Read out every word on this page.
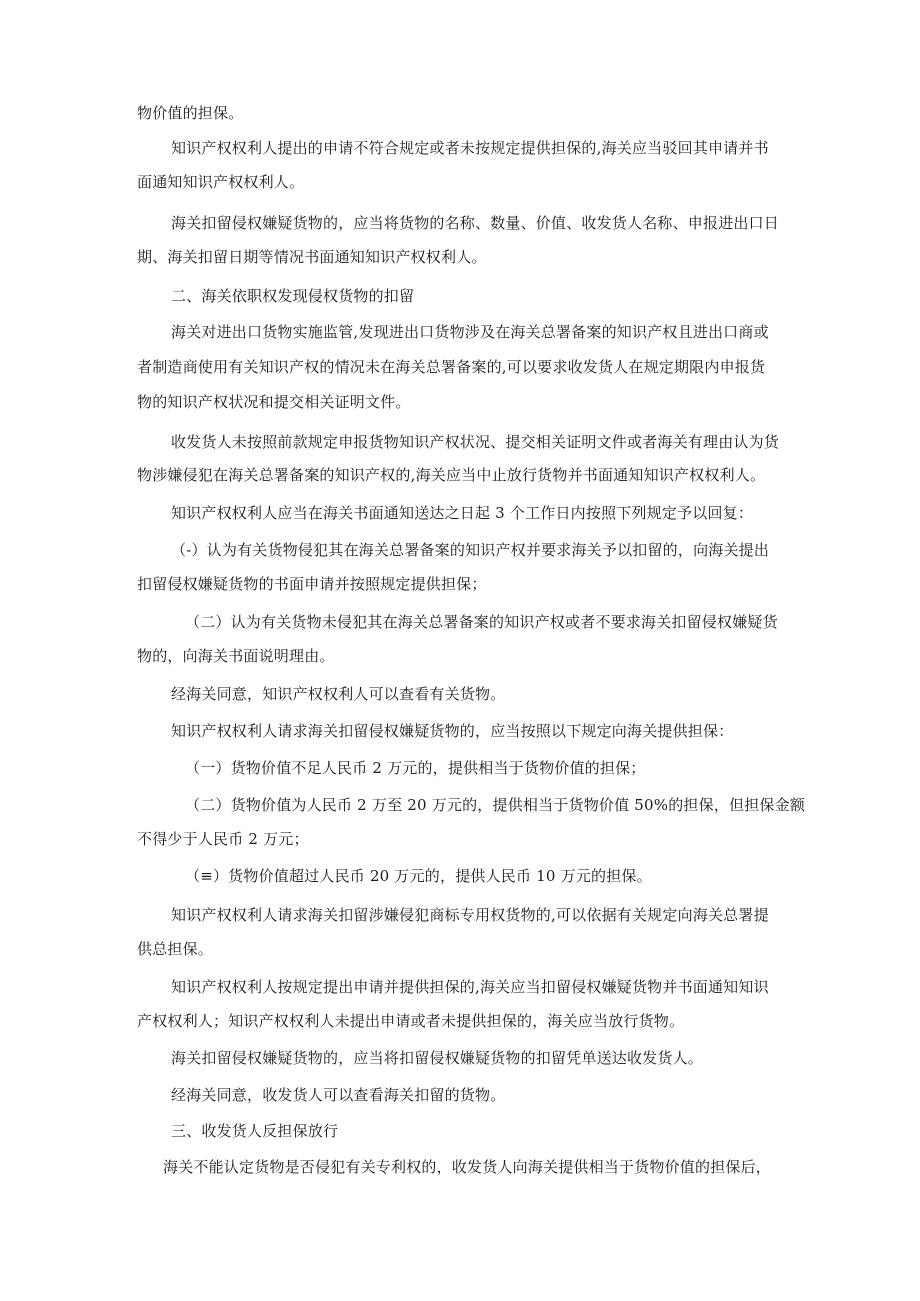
物价值的担保。
知识产权权利人提出的申请不符合规定或者未按规定提供担保的,海关应当驳回其申请并书
面通知知识产权权利人。
海关扣留侵权嫌疑货物的，应当将货物的名称、数量、价值、收发货人名称、申报进出口日
期、海关扣留日期等情况书面通知知识产权权利人。
二、海关依职权发现侵权货物的扣留
海关对进出口货物实施监管,发现进出口货物涉及在海关总署备案的知识产权且进出口商或
者制造商使用有关知识产权的情况未在海关总署备案的,可以要求收发货人在规定期限内申报货
物的知识产权状况和提交相关证明文件。
收发货人未按照前款规定申报货物知识产权状况、提交相关证明文件或者海关有理由认为货
物涉嫌侵犯在海关总署备案的知识产权的,海关应当中止放行货物并书面通知知识产权权利人。
知识产权权利人应当在海关书面通知送达之日起 3 个工作日内按照下列规定予以回复：
（-）认为有关货物侵犯其在海关总署备案的知识产权并要求海关予以扣留的，向海关提出
扣留侵权嫌疑货物的书面申请并按照规定提供担保；
（二）认为有关货物未侵犯其在海关总署备案的知识产权或者不要求海关扣留侵权嫌疑货
物的，向海关书面说明理由。
经海关同意，知识产权权利人可以查看有关货物。
知识产权权利人请求海关扣留侵权嫌疑货物的，应当按照以下规定向海关提供担保：
（一）货物价值不足人民币 2 万元的，提供相当于货物价值的担保；
（二）货物价值为人民币 2 万至 20 万元的，提供相当于货物价值 50%的担保，但担保金额
不得少于人民币 2 万元；
（≡）货物价值超过人民币 20 万元的，提供人民币 10 万元的担保。
知识产权权利人请求海关扣留涉嫌侵犯商标专用权货物的,可以依据有关规定向海关总署提
供总担保。
知识产权权利人按规定提出申请并提供担保的,海关应当扣留侵权嫌疑货物并书面通知知识
产权权利人；知识产权权利人未提出申请或者未提供担保的，海关应当放行货物。
海关扣留侵权嫌疑货物的，应当将扣留侵权嫌疑货物的扣留凭单送达收发货人。
经海关同意，收发货人可以查看海关扣留的货物。
三、收发货人反担保放行
海关不能认定货物是否侵犯有关专利权的，收发货人向海关提供相当于货物价值的担保后，
